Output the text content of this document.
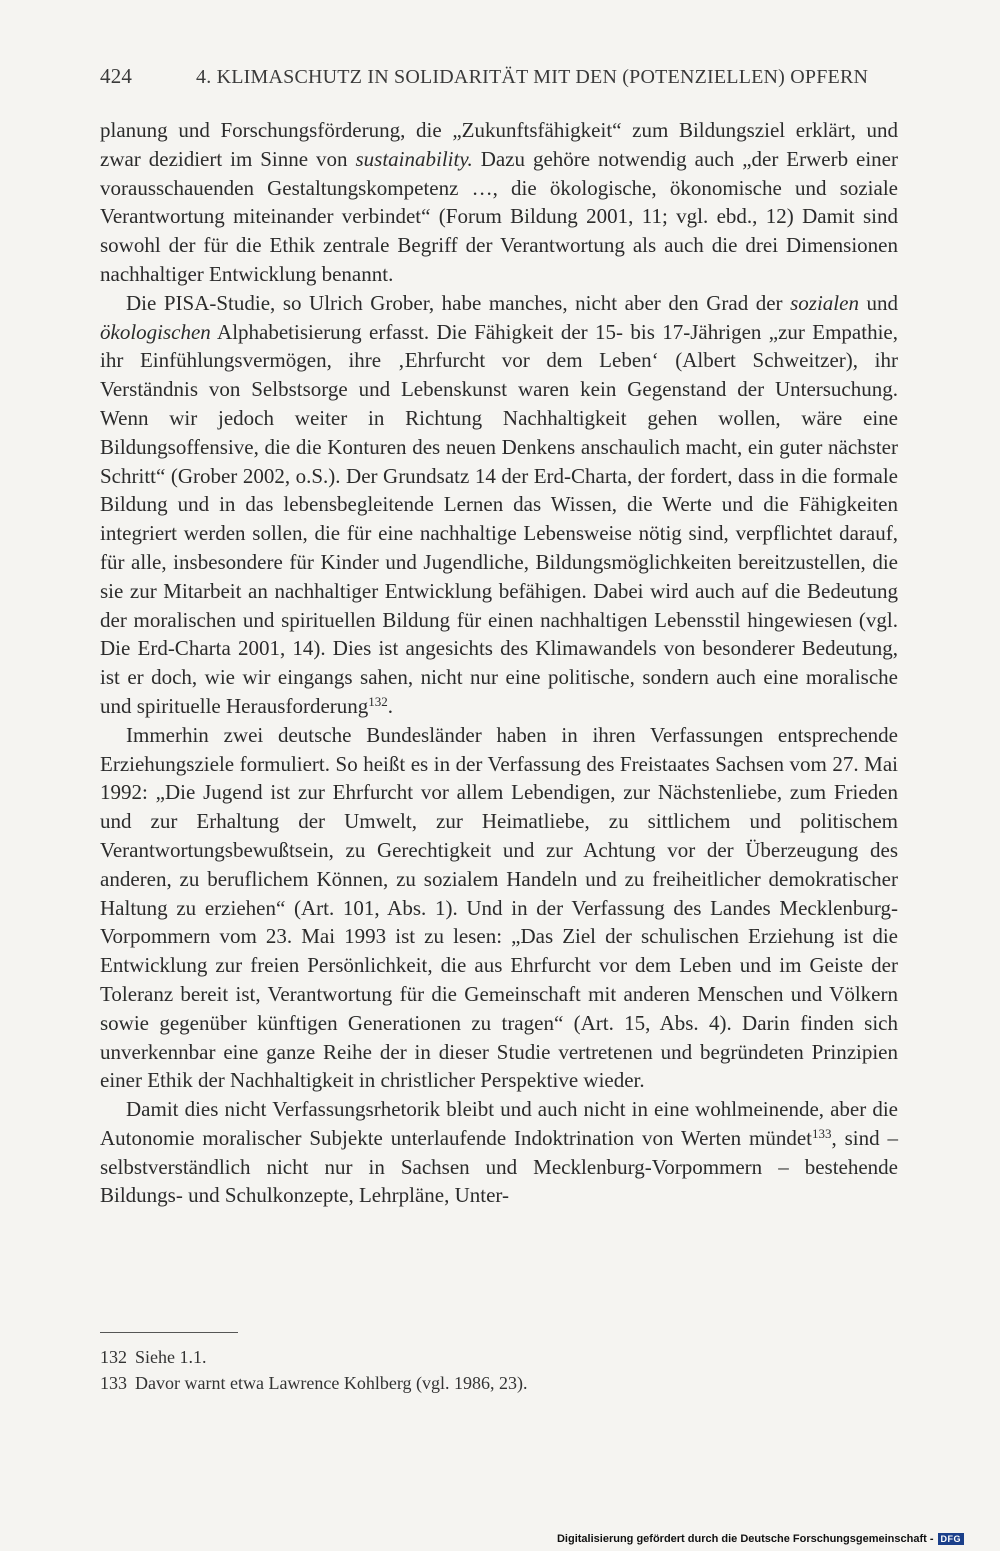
424	4. KLIMASCHUTZ IN SOLIDARITÄT MIT DEN (POTENZIELLEN) OPFERN

planung und Forschungsförderung, die „Zukunftsfähigkeit“ zum Bildungsziel erklärt, und zwar dezidiert im Sinne von sustainability. Dazu gehöre notwendig auch „der Erwerb einer vorausschauenden Gestaltungskompetenz …, die ökologische, ökonomische und soziale Verantwortung miteinander verbindet“ (Forum Bildung 2001, 11; vgl. ebd., 12) Damit sind sowohl der für die Ethik zentrale Begriff der Verantwortung als auch die drei Dimensionen nachhaltiger Entwicklung benannt.

Die PISA-Studie, so Ulrich Grober, habe manches, nicht aber den Grad der sozialen und ökologischen Alphabetisierung erfasst. Die Fähigkeit der 15- bis 17-Jährigen „zur Empathie, ihr Einfühlungsvermögen, ihre ‚Ehrfurcht vor dem Leben‘ (Albert Schweitzer), ihr Verständnis von Selbstsorge und Lebenskunst waren kein Gegenstand der Untersuchung. Wenn wir jedoch weiter in Richtung Nachhaltigkeit gehen wollen, wäre eine Bildungsoffensive, die die Konturen des neuen Denkens anschaulich macht, ein guter nächster Schritt“ (Grober 2002, o.S.). Der Grundsatz 14 der Erd-Charta, der fordert, dass in die formale Bildung und in das lebensbegleitende Lernen das Wissen, die Werte und die Fähigkeiten integriert werden sollen, die für eine nachhaltige Lebensweise nötig sind, verpflichtet darauf, für alle, insbesondere für Kinder und Jugendliche, Bildungsmöglichkeiten bereitzustellen, die sie zur Mitarbeit an nachhaltiger Entwicklung befähigen. Dabei wird auch auf die Bedeutung der moralischen und spirituellen Bildung für einen nachhaltigen Lebensstil hingewiesen (vgl. Die Erd-Charta 2001, 14). Dies ist angesichts des Klimawandels von besonderer Bedeutung, ist er doch, wie wir eingangs sahen, nicht nur eine politische, sondern auch eine moralische und spirituelle Herausforderung$^{132}$.

Immerhin zwei deutsche Bundesländer haben in ihren Verfassungen entsprechende Erziehungsziele formuliert. So heißt es in der Verfassung des Freistaates Sachsen vom 27. Mai 1992: „Die Jugend ist zur Ehrfurcht vor allem Lebendigen, zur Nächstenliebe, zum Frieden und zur Erhaltung der Umwelt, zur Heimatliebe, zu sittlichem und politischem Verantwortungsbewußtsein, zu Gerechtigkeit und zur Achtung vor der Überzeugung des anderen, zu beruflichem Können, zu sozialem Handeln und zu freiheitlicher demokratischer Haltung zu erziehen“ (Art. 101, Abs. 1). Und in der Verfassung des Landes Mecklenburg-Vorpommern vom 23. Mai 1993 ist zu lesen: „Das Ziel der schulischen Erziehung ist die Entwicklung zur freien Persönlichkeit, die aus Ehrfurcht vor dem Leben und im Geiste der Toleranz bereit ist, Verantwortung für die Gemeinschaft mit anderen Menschen und Völkern sowie gegenüber künftigen Generationen zu tragen“ (Art. 15, Abs. 4). Darin finden sich unverkennbar eine ganze Reihe der in dieser Studie vertretenen und begründeten Prinzipien einer Ethik der Nachhaltigkeit in christlicher Perspektive wieder.

Damit dies nicht Verfassungsrhetorik bleibt und auch nicht in eine wohlmeinende, aber die Autonomie moralischer Subjekte unterlaufende Indoktrination von Werten mündet$^{133}$, sind – selbstverständlich nicht nur in Sachsen und Mecklenburg-Vorpommern – bestehende Bildungs- und Schulkonzepte, Lehrpläne, Unter-

132 Siehe 1.1.
133 Davor warnt etwa Lawrence Kohlberg (vgl. 1986, 23).
Digitalisierung gefördert durch die Deutsche Forschungsgemeinschaft - DFG
